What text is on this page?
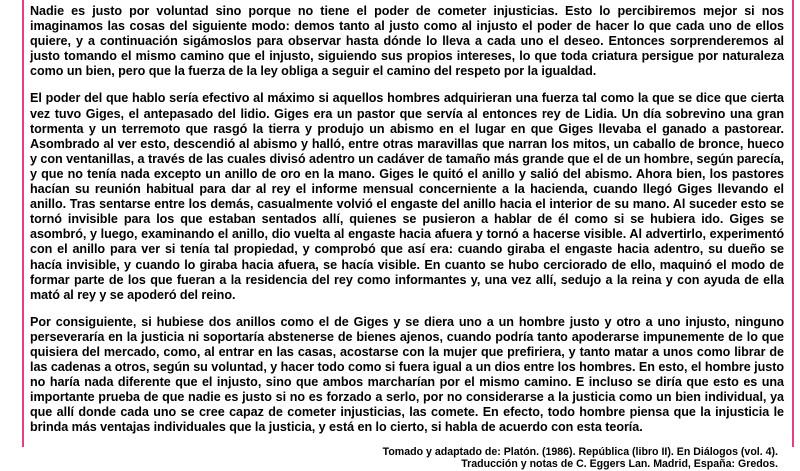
Nadie es justo por voluntad sino porque no tiene el poder de cometer injusticias. Esto lo percibiremos mejor si nos imaginamos las cosas del siguiente modo: demos tanto al justo como al injusto el poder de hacer lo que cada uno de ellos quiere, y a continuación sigámoslos para observar hasta dónde lo lleva a cada uno el deseo. Entonces sorprenderemos al justo tomando el mismo camino que el injusto, siguiendo sus propios intereses, lo que toda criatura persigue por naturaleza como un bien, pero que la fuerza de la ley obliga a seguir el camino del respeto por la igualdad.

El poder del que hablo sería efectivo al máximo si aquellos hombres adquirieran una fuerza tal como la que se dice que cierta vez tuvo Giges, el antepasado del lidio. Giges era un pastor que servía al entonces rey de Lidia. Un día sobrevino una gran tormenta y un terremoto que rasgó la tierra y produjo un abismo en el lugar en que Giges llevaba el ganado a pastorear. Asombrado al ver esto, descendió al abismo y halló, entre otras maravillas que narran los mitos, un caballo de bronce, hueco y con ventanillas, a través de las cuales divisó adentro un cadáver de tamaño más grande que el de un hombre, según parecía, y que no tenía nada excepto un anillo de oro en la mano. Giges le quitó el anillo y salió del abismo. Ahora bien, los pastores hacían su reunión habitual para dar al rey el informe mensual concerniente a la hacienda, cuando llegó Giges llevando el anillo. Tras sentarse entre los demás, casualmente volvió el engaste del anillo hacia el interior de su mano. Al suceder esto se tornó invisible para los que estaban sentados allí, quienes se pusieron a hablar de él como si se hubiera ido. Giges se asombró, y luego, examinando el anillo, dio vuelta al engaste hacia afuera y tornó a hacerse visible. Al advertirlo, experimentó con el anillo para ver si tenía tal propiedad, y comprobó que así era: cuando giraba el engaste hacia adentro, su dueño se hacía invisible, y cuando lo giraba hacia afuera, se hacía visible. En cuanto se hubo cerciorado de ello, maquinó el modo de formar parte de los que fueran a la residencia del rey como informantes y, una vez allí, sedujo a la reina y con ayuda de ella mató al rey y se apoderó del reino.

Por consiguiente, si hubiese dos anillos como el de Giges y se diera uno a un hombre justo y otro a uno injusto, ninguno perseveraría en la justicia ni soportaría abstenerse de bienes ajenos, cuando podría tanto apoderarse impunemente de lo que quisiera del mercado, como, al entrar en las casas, acostarse con la mujer que prefiriera, y tanto matar a unos como librar de las cadenas a otros, según su voluntad, y hacer todo como si fuera igual a un dios entre los hombres. En esto, el hombre justo no haría nada diferente que el injusto, sino que ambos marcharían por el mismo camino. E incluso se diría que esto es una importante prueba de que nadie es justo si no es forzado a serlo, por no considerarse a la justicia como un bien individual, ya que allí donde cada uno se cree capaz de cometer injusticias, las comete. En efecto, todo hombre piensa que la injusticia le brinda más ventajas individuales que la justicia, y está en lo cierto, si habla de acuerdo con esta teoría.

Tomado y adaptado de: Platón. (1986). República (libro II). En Diálogos (vol. 4).
Traducción y notas de C. Eggers Lan. Madrid, España: Gredos.
